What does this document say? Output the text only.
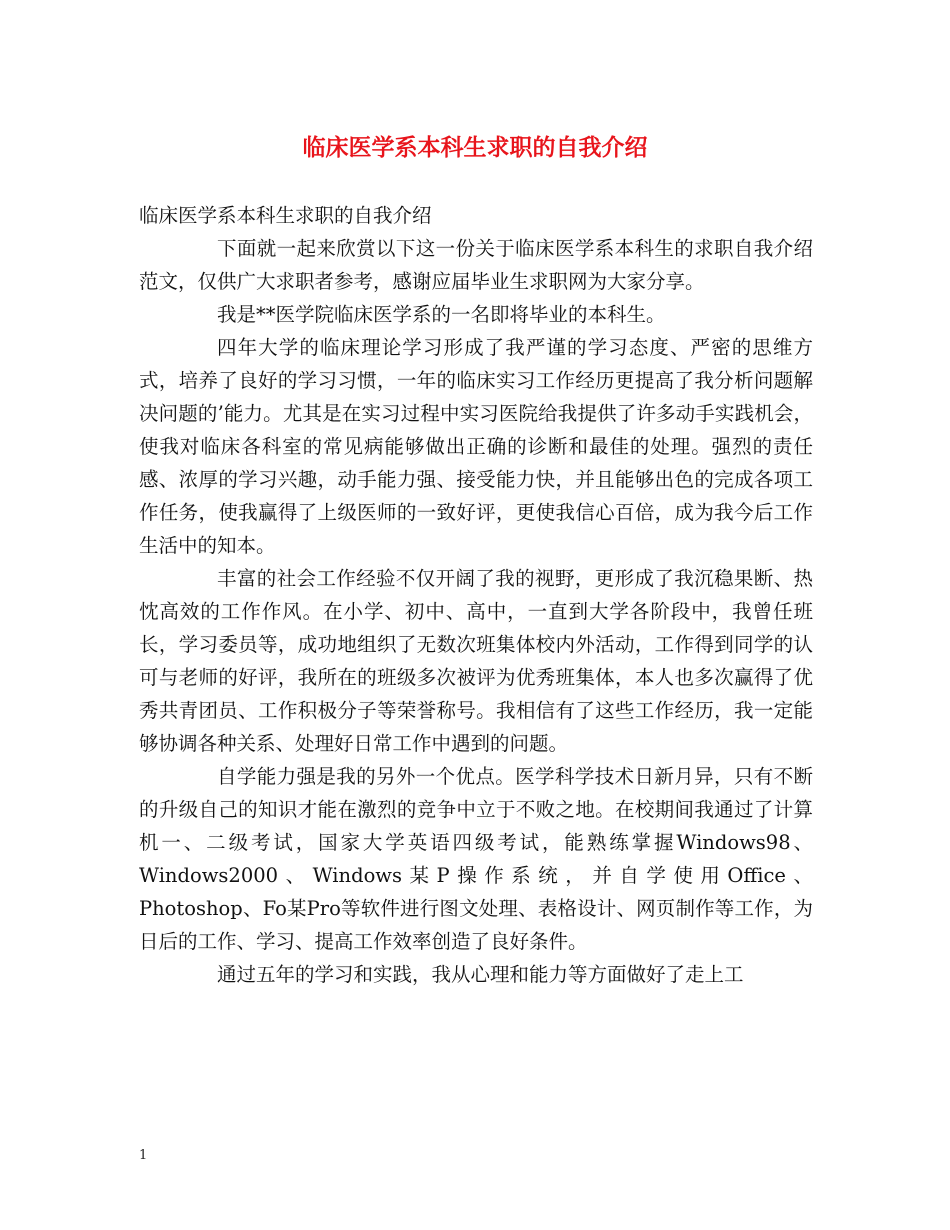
临床医学系本科生求职的自我介绍

临床医学系本科生求职的自我介绍

下面就一起来欣赏以下这一份关于临床医学系本科生的求职自我介绍范文，仅供广大求职者参考，感谢应届毕业生求职网为大家分享。

我是**医学院临床医学系的一名即将毕业的本科生。

四年大学的临床理论学习形成了我严谨的学习态度、严密的思维方式，培养了良好的学习习惯，一年的临床实习工作经历更提高了我分析问题解决问题的’能力。尤其是在实习过程中实习医院给我提供了许多动手实践机会，使我对临床各科室的常见病能够做出正确的诊断和最佳的处理。强烈的责任感、浓厚的学习兴趣，动手能力强、接受能力快，并且能够出色的完成各项工作任务，使我赢得了上级医师的一致好评，更使我信心百倍，成为我今后工作生活中的知本。

丰富的社会工作经验不仅开阔了我的视野，更形成了我沉稳果断、热忱高效的工作作风。在小学、初中、高中，一直到大学各阶段中，我曾任班长，学习委员等，成功地组织了无数次班集体校内外活动，工作得到同学的认可与老师的好评，我所在的班级多次被评为优秀班集体，本人也多次赢得了优秀共青团员、工作积极分子等荣誉称号。我相信有了这些工作经历，我一定能够协调各种关系、处理好日常工作中遇到的问题。

自学能力强是我的另外一个优点。医学科学技术日新月异，只有不断的升级自己的知识才能在激烈的竞争中立于不败之地。在校期间我通过了计算机一、二级考试，国家大学英语四级考试，能熟练掌握Windows98、Windows2000、Windows某P操作系统，并自学使用Office、Photoshop、Fo某Pro等软件进行图文处理、表格设计、网页制作等工作，为日后的工作、学习、提高工作效率创造了良好条件。

通过五年的学习和实践，我从心理和能力等方面做好了走上工

1
